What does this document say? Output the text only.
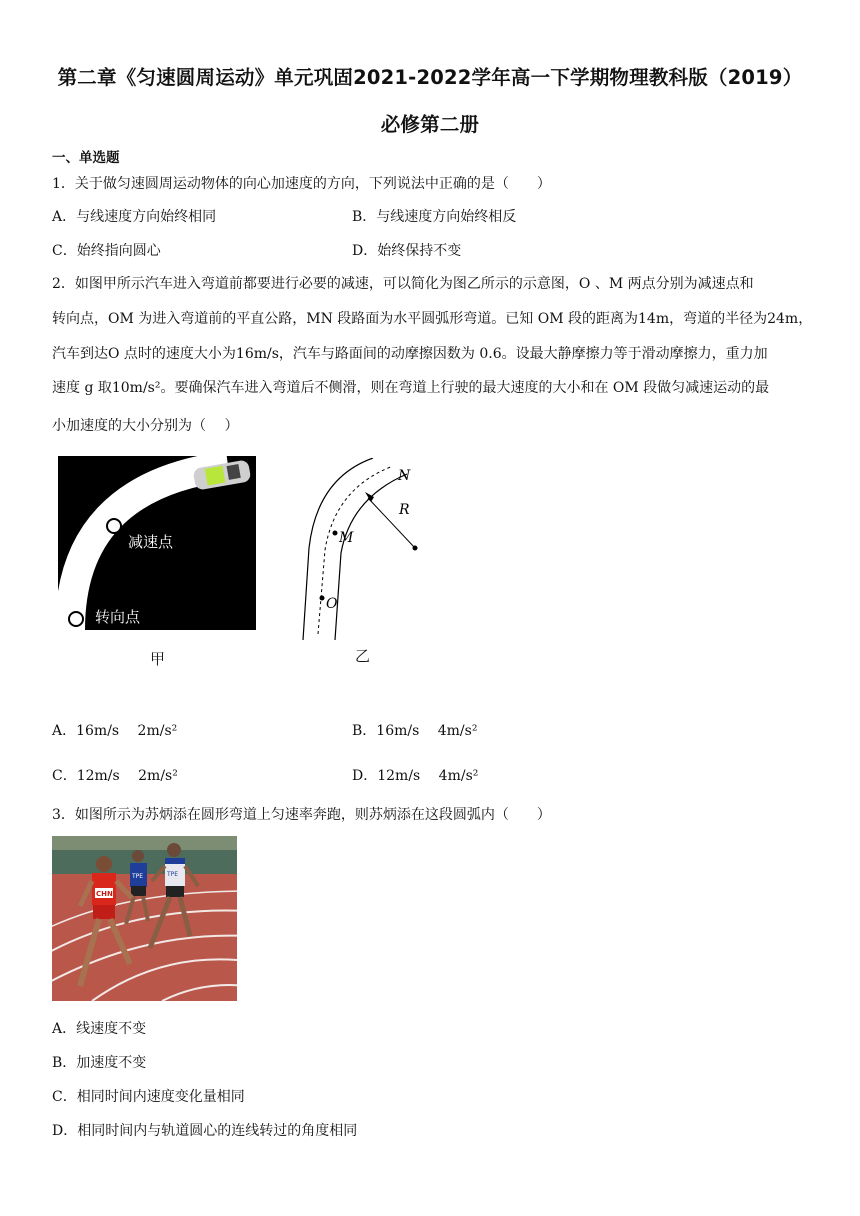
第二章《匀速圆周运动》单元巩固2021-2022学年高一下学期物理教科版（2019）
必修第二册
一、单选题
1．关于做匀速圆周运动物体的向心加速度的方向，下列说法中正确的是（　　）
A．与线速度方向始终相同	B．与线速度方向始终相反
C．始终指向圆心	D．始终保持不变
2．如图甲所示汽车进入弯道前都要进行必要的减速，可以简化为图乙所示的示意图，O 、M 两点分别为减速点和
转向点，OM 为进入弯道前的平直公路，MN 段路面为水平圆弧形弯道。已知 OM 段的距离为14m，弯道的半径为24m，
汽车到达O 点时的速度大小为16m/s，汽车与路面间的动摩擦因数为 0.6。设最大静摩擦力等于滑动摩擦力，重力加
速度 g 取10m/s²。要确保汽车进入弯道后不侧滑，则在弯道上行驶的最大速度的大小和在 OM 段做匀减速运动的最
小加速度的大小分别为（　 ）
减速点
转向点
甲
N
R
M
O
乙
A．16m/s　 2m/s²	B．16m/s　 4m/s²
C．12m/s　 2m/s²	D．12m/s　 4m/s²
3．如图所示为苏炳添在圆形弯道上匀速率奔跑，则苏炳添在这段圆弧内（　　）
TPE	TPE
CHN
A．线速度不变
B．加速度不变
C．相同时间内速度变化量相同
D．相同时间内与轨道圆心的连线转过的角度相同
